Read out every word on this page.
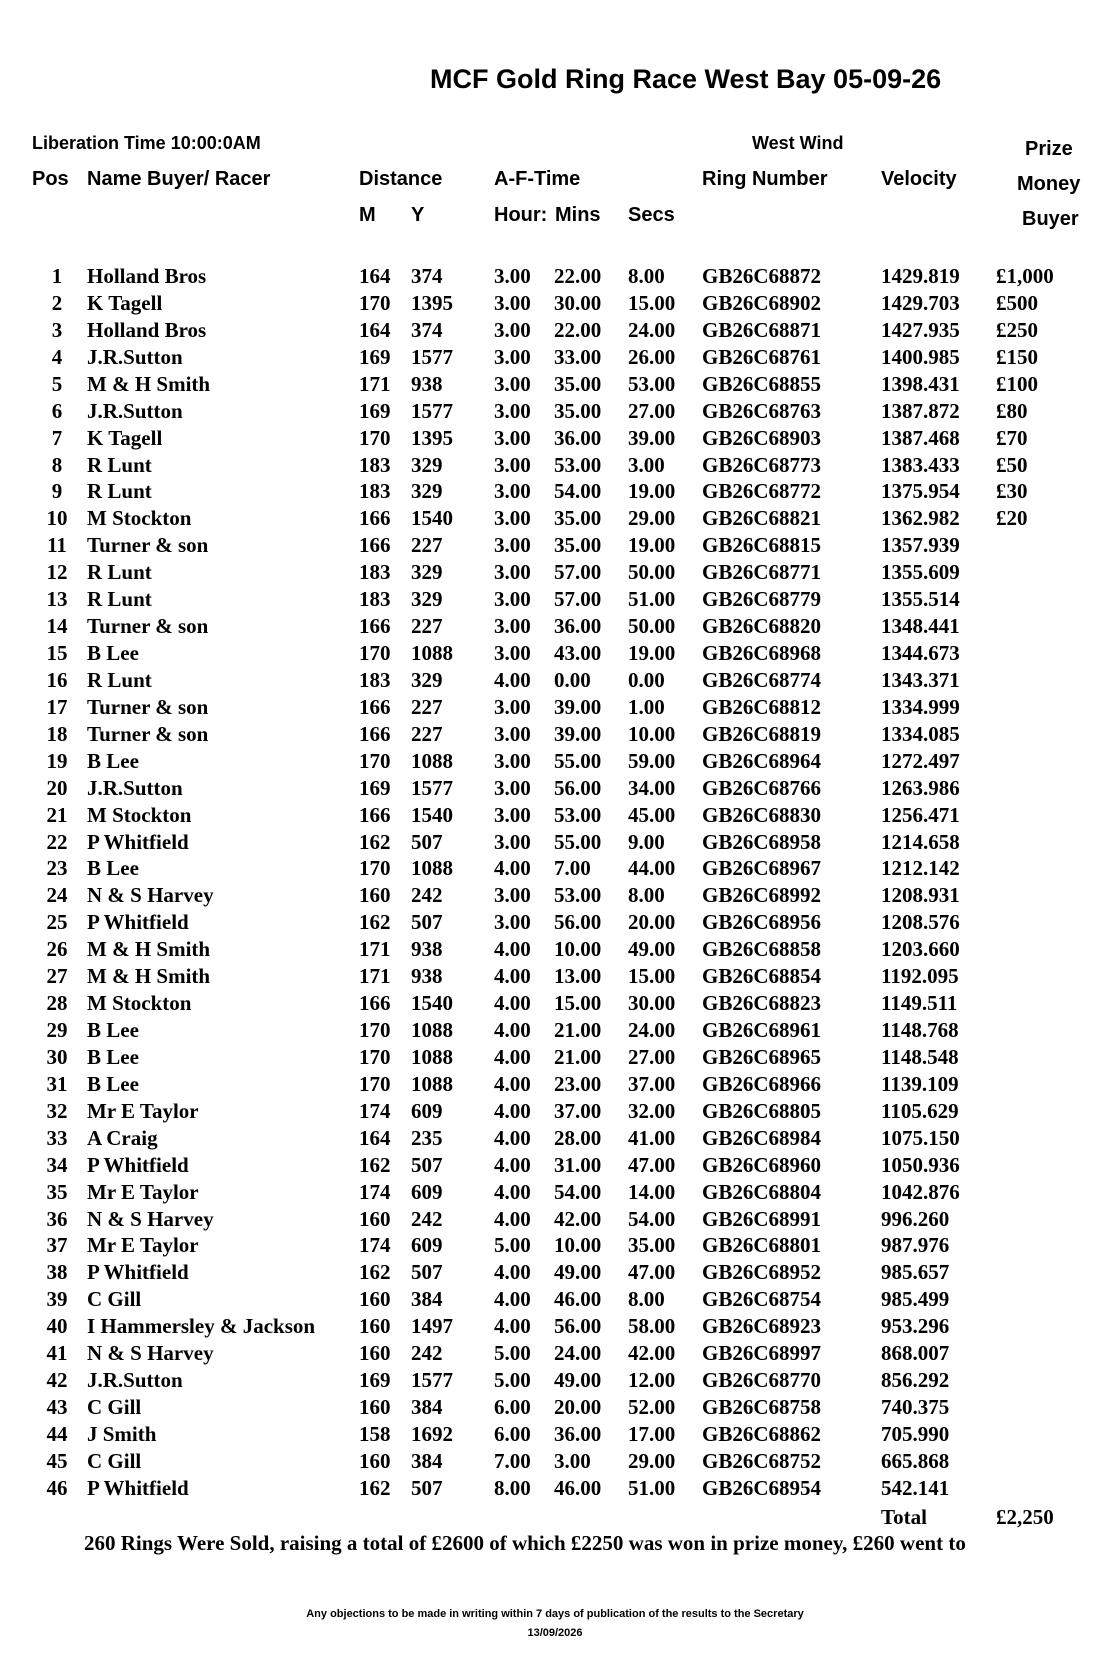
MCF Gold Ring Race West Bay 05-09-26
Liberation Time 10:00:0AM	West Wind
Pos Name Buyer/ Racer	Distance	A-F-Time	Ring Number	Velocity
Prize
Money
Buyer
M Y	Hour: Mins Secs
1	Holland Bros	164 374 3.00 22.00 8.00 GB26C68872	1429.819 £1,000
2	K Tagell	170 1395 3.00 30.00 15.00 GB26C68902	1429.703 £500
3	Holland Bros	164 374 3.00 22.00 24.00 GB26C68871	1427.935 £250
4	J.R.Sutton	169 1577 3.00 33.00 26.00 GB26C68761	1400.985 £150
5	M & H Smith	171 938 3.00 35.00 53.00 GB26C68855	1398.431 £100
6	J.R.Sutton	169 1577 3.00 35.00 27.00 GB26C68763	1387.872 £80
7	K Tagell	170 1395 3.00 36.00 39.00 GB26C68903	1387.468 £70
8	R Lunt	183 329 3.00 53.00 3.00 GB26C68773	1383.433 £50
9	R Lunt	183 329 3.00 54.00 19.00 GB26C68772	1375.954 £30
10 M Stockton	166 1540 3.00 35.00 29.00 GB26C68821	1362.982 £20
11 Turner & son	166 227 3.00 35.00 19.00 GB26C68815	1357.939
12 R Lunt	183 329 3.00 57.00 50.00 GB26C68771	1355.609
13 R Lunt	183 329 3.00 57.00 51.00 GB26C68779	1355.514
14 Turner & son	166 227 3.00 36.00 50.00 GB26C68820	1348.441
15 B Lee	170 1088 3.00 43.00 19.00 GB26C68968	1344.673
16 R Lunt	183 329 4.00 0.00 0.00 GB26C68774	1343.371
17 Turner & son	166 227 3.00 39.00 1.00 GB26C68812	1334.999
18 Turner & son	166 227 3.00 39.00 10.00 GB26C68819	1334.085
19 B Lee	170 1088 3.00 55.00 59.00 GB26C68964	1272.497
20 J.R.Sutton	169 1577 3.00 56.00 34.00 GB26C68766	1263.986
21 M Stockton	166 1540 3.00 53.00 45.00 GB26C68830	1256.471
22 P Whitfield	162 507 3.00 55.00 9.00 GB26C68958	1214.658
23 B Lee	170 1088 4.00 7.00 44.00 GB26C68967	1212.142
24 N & S Harvey	160 242 3.00 53.00 8.00 GB26C68992	1208.931
25 P Whitfield	162 507 3.00 56.00 20.00 GB26C68956	1208.576
26 M & H Smith	171 938 4.00 10.00 49.00 GB26C68858	1203.660
27 M & H Smith	171 938 4.00 13.00 15.00 GB26C68854	1192.095
28 M Stockton	166 1540 4.00 15.00 30.00 GB26C68823	1149.511
29 B Lee	170 1088 4.00 21.00 24.00 GB26C68961	1148.768
30 B Lee	170 1088 4.00 21.00 27.00 GB26C68965	1148.548
31 B Lee	170 1088 4.00 23.00 37.00 GB26C68966	1139.109
32 Mr E Taylor	174 609 4.00 37.00 32.00 GB26C68805	1105.629
33 A Craig	164 235 4.00 28.00 41.00 GB26C68984	1075.150
34 P Whitfield	162 507 4.00 31.00 47.00 GB26C68960	1050.936
35 Mr E Taylor	174 609 4.00 54.00 14.00 GB26C68804	1042.876
36 N & S Harvey	160 242 4.00 42.00 54.00 GB26C68991	996.260
37 Mr E Taylor	174 609 5.00 10.00 35.00 GB26C68801	987.976
38 P Whitfield	162 507 4.00 49.00 47.00 GB26C68952	985.657
39 C Gill	160 384 4.00 46.00 8.00 GB26C68754	985.499
40 I Hammersley & Jackson 160 1497 4.00 56.00 58.00 GB26C68923	953.296
41 N & S Harvey	160 242 5.00 24.00 42.00 GB26C68997	868.007
42 J.R.Sutton	169 1577 5.00 49.00 12.00 GB26C68770	856.292
43 C Gill	160 384 6.00 20.00 52.00 GB26C68758	740.375
44 J Smith	158 1692 6.00 36.00 17.00 GB26C68862	705.990
45 C Gill	160 384 7.00 3.00 29.00 GB26C68752	665.868
46 P Whitfield	162 507 8.00 46.00 51.00 GB26C68954	542.141
Total	£2,250
260 Rings Were Sold, raising a total of £2600 of which £2250 was won in prize money, £260 went to
Any objections to be made in writing within 7 days of publication of the results to the Secretary
13/09/2026
